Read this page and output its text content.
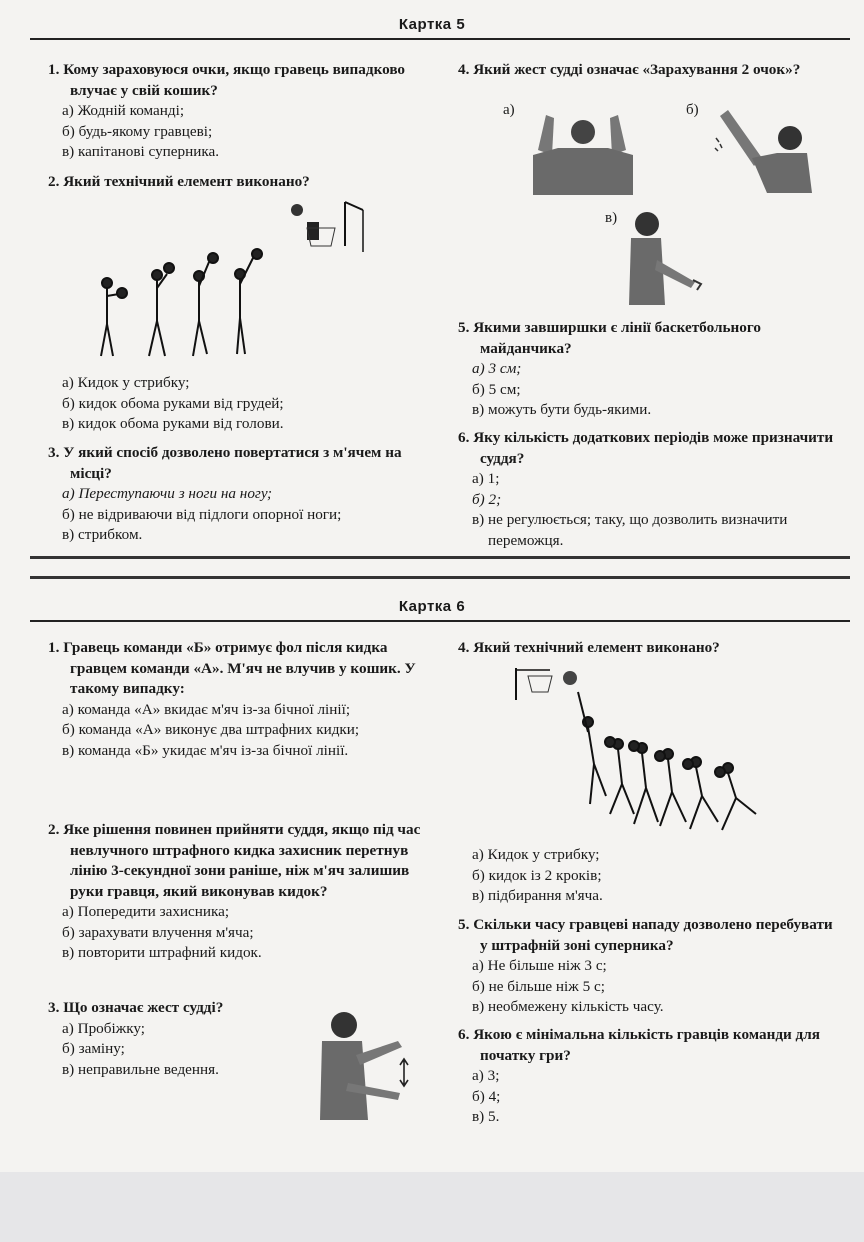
Картка 5
1. Кому зараховуюся очки, якщо гравець випадково влучає у свій кошик?
а) Жодній команді;
б) будь-якому гравцеві;
в) капітанові суперника.
2. Який технічний елемент виконано?
а) Кидок у стрибку;
б) кидок обома руками від грудей;
в) кидок обома руками від голови.
3. У який спосіб дозволено повертатися з м'ячем на місці?
а) Переступаючи з ноги на ногу;
б) не відриваючи від підлоги опорної ноги;
в) стрибком.
4. Який жест судді означає «Зарахування 2 очок»?
а)	б)
в)
5. Якими завширшки є лінії баскетбольного майданчика?
а) 3 см;
б) 5 см;
в) можуть бути будь-якими.
6. Яку кількість додаткових періодів може призначити суддя?
а) 1;
б) 2;
в) не регулюється; таку, що дозволить визначити переможця.
Картка 6
1. Гравець команди «Б» отримує фол після кидка гравцем команди «А». М'яч не влучив у кошик. У такому випадку:
а) команда «А» вкидає м'яч із-за бічної лінії;
б) команда «А» виконує два штрафних кидки;
в) команда «Б» укидає м'яч із-за бічної лінії.
2. Яке рішення повинен прийняти суддя, якщо під час невлучного штрафного кидка захисник перетнув лінію 3-секундної зони раніше, ніж м'яч залишив руки гравця, який виконував кидок?
а) Попередити захисника;
б) зарахувати влучення м'яча;
в) повторити штрафний кидок.
3. Що означає жест судді?
а) Пробіжку;
б) заміну;
в) неправильне ведення.
4. Який технічний елемент виконано?
а) Кидок у стрибку;
б) кидок із 2 кроків;
в) підбирання м'яча.
5. Скільки часу гравцеві нападу дозволено перебувати у штрафній зоні суперника?
а) Не більше ніж 3 с;
б) не більше ніж 5 с;
в) необмежену кількість часу.
6. Якою є мінімальна кількість гравців команди для початку гри?
а) 3;
б) 4;
в) 5.
